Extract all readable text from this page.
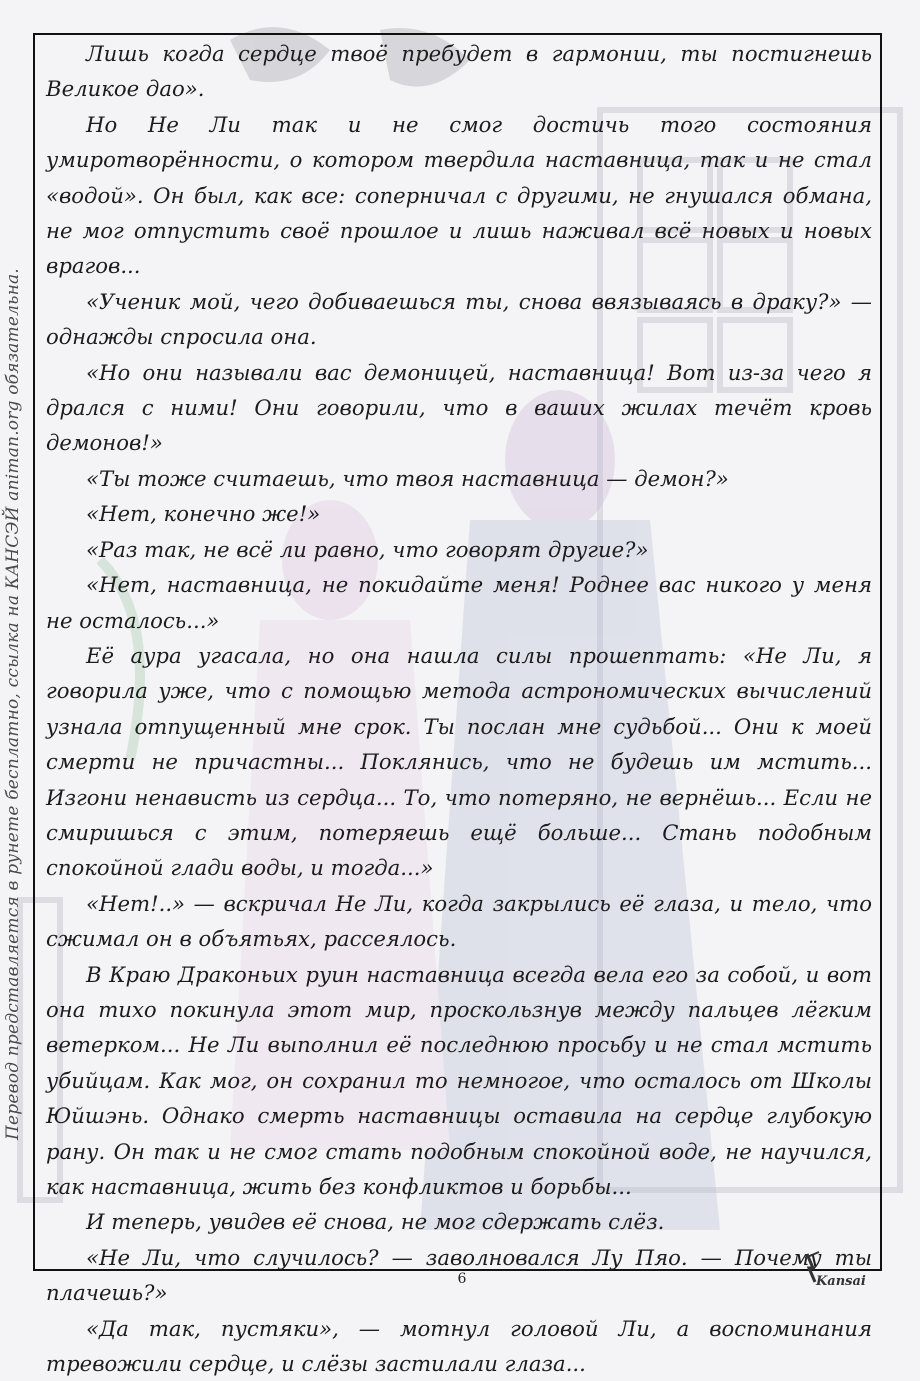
Лишь когда сердце твоё пребудет в гармонии, ты постигнешь Великое дао».

Но Не Ли так и не смог достичь того состояния умиротворённости, о котором твердила наставница, так и не стал «водой». Он был, как все: соперничал с другими, не гнушался обмана, не мог отпустить своё прошлое и лишь наживал всё новых и новых врагов...

«Ученик мой, чего добиваешься ты, снова ввязываясь в драку?» — однажды спросила она.

«Но они называли вас демоницей, наставница! Вот из-за чего я дрался с ними! Они говорили, что в ваших жилах течёт кровь демонов!»

«Ты тоже считаешь, что твоя наставница — демон?»

«Нет, конечно же!»

«Раз так, не всё ли равно, что говорят другие?»

«Нет, наставница, не покидайте меня! Роднее вас никого у меня не осталось...»

Её аура угасала, но она нашла силы прошептать: «Не Ли, я говорила уже, что с помощью метода астрономических вычислений узнала отпущенный мне срок. Ты послан мне судьбой... Они к моей смерти не причастны... Поклянись, что не будешь им мстить... Изгони ненависть из сердца... То, что потеряно, не вернёшь... Если не смиришься с этим, потеряешь ещё больше... Стань подобным спокойной глади воды, и тогда...»

«Нет!..» — вскричал Не Ли, когда закрылись её глаза, и тело, что сжимал он в объятьях, рассеялось.

В Краю Драконьих руин наставница всегда вела его за собой, и вот она тихо покинула этот мир, проскользнув между пальцев лёгким ветерком... Не Ли выполнил её последнюю просьбу и не стал мстить убийцам. Как мог, он сохранил то немногое, что осталось от Школы Юйшэнь. Однако смерть наставницы оставила на сердце глубокую рану. Он так и не смог стать подобным спокойной воде, не научился, как наставница, жить без конфликтов и борьбы...

И теперь, увидев её снова, не мог сдержать слёз.

«Не Ли, что случилось? — заволновался Лу Пяо. — Почему ты плачешь?»

«Да так, пустяки», — мотнул головой Ли, а воспоминания тревожили сердце, и слёзы застилали глаза...

Перевод представляется в рунете бесплатно, ссылка на КАНСЭЙ animan.org обязательна.
6	Kansai
